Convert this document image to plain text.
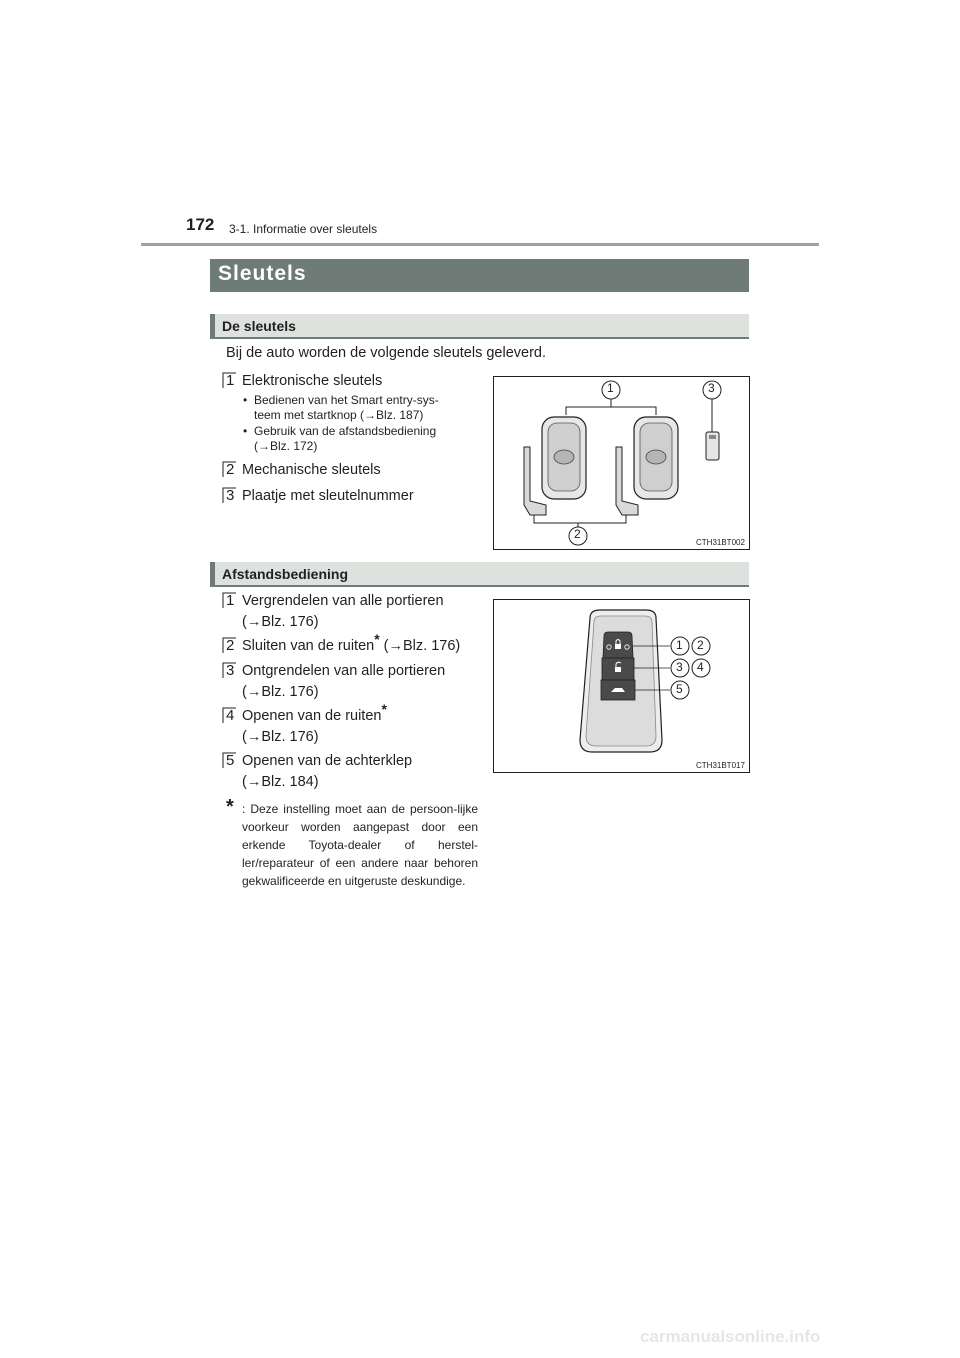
172 3-1. Informatie over sleutels
Sleutels
De sleutels
Bij de auto worden de volgende sleutels geleverd.
1 Elektronische sleutels
• Bedienen van het Smart entry-sys-
teem met startknop (→Blz. 187)
• Gebruik van de afstandsbediening
(→Blz. 172)
2 Mechanische sleutels
3 Plaatje met sleutelnummer
1
2
3
CTH31BT002
Afstandsbediening
1 Vergrendelen van alle portieren
(→Blz. 176)
2 Sluiten van de ruiten* (→Blz. 176)
3 Ontgrendelen van alle portieren
(→Blz. 176)
4 Openen van de ruiten*
(→Blz. 176)
5 Openen van de achterklep
(→Blz. 184)
* : Deze instelling moet aan de persoon-lijke voorkeur worden aangepast door een erkende Toyota-dealer of herstel-ler/reparateur of een andere naar behoren gekwalificeerde en uitgeruste deskundige.
1 2
3 4
5
CTH31BT017
carmanualsonline.info
